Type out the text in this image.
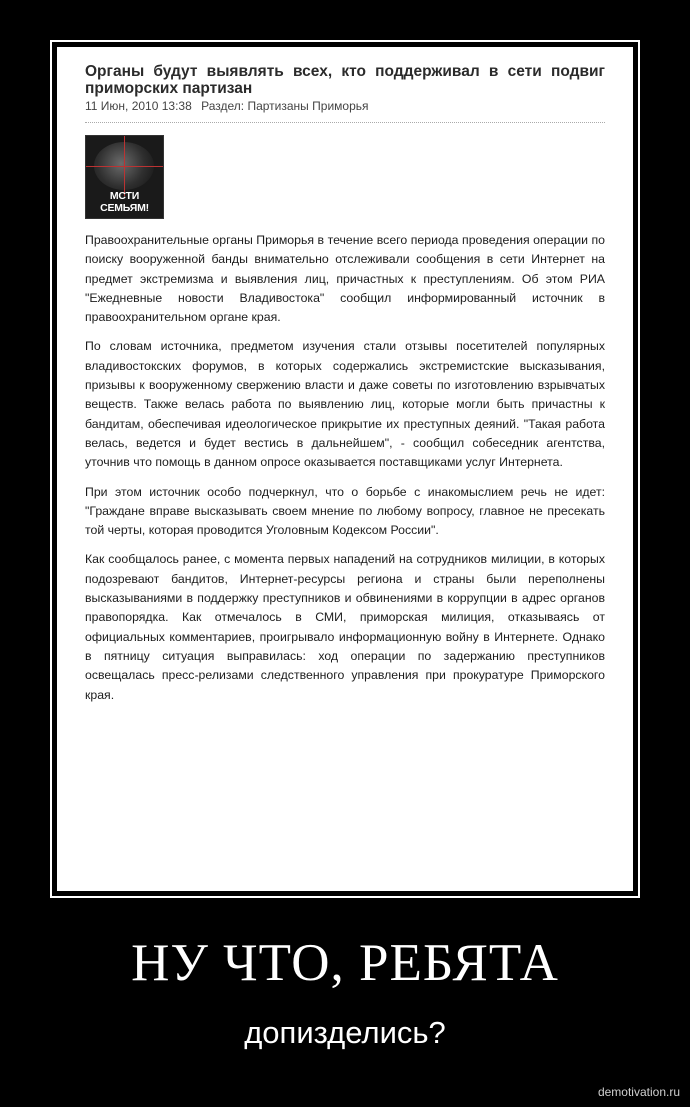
Органы будут выявлять всех, кто поддерживал в сети подвиг приморских партизан
11 Июн, 2010 13:38 Раздел: Партизаны Приморья
МСТИ СЕМЬЯМ!

Правоохранительные органы Приморья в течение всего периода проведения операции по поиску вооруженной банды внимательно отслеживали сообщения в сети Интернет на предмет экстремизма и выявления лиц, причастных к преступлениям. Об этом РИА "Ежедневные новости Владивостока" сообщил информированный источник в правоохранительном органе края.

По словам источника, предметом изучения стали отзывы посетителей популярных владивостокских форумов, в которых содержались экстремистские высказывания, призывы к вооруженному свержению власти и даже советы по изготовлению взрывчатых веществ. Также велась работа по выявлению лиц, которые могли быть причастны к бандитам, обеспечивая идеологическое прикрытие их преступных деяний. "Такая работа велась, ведется и будет вестись в дальнейшем", - сообщил собеседник агентства, уточнив что помощь в данном опросе оказывается поставщиками услуг Интернета.

При этом источник особо подчеркнул, что о борьбе с инакомыслием речь не идет: "Граждане вправе высказывать своем мнение по любому вопросу, главное не пресекать той черты, которая проводится Уголовным Кодексом России".

Как сообщалось ранее, с момента первых нападений на сотрудников милиции, в которых подозревают бандитов, Интернет-ресурсы региона и страны были переполнены высказываниями в поддержку преступников и обвинениями в коррупции в адрес органов правопорядка. Как отмечалось в СМИ, приморская милиция, отказываясь от официальных комментариев, проигрывало информационную войну в Интернете. Однако в пятницу ситуация выправилась: ход операции по задержанию преступников освещалась пресс-релизами следственного управления при прокуратуре Приморского края.

НУ ЧТО, РЕБЯТА
допизделись?
demotivation.ru
